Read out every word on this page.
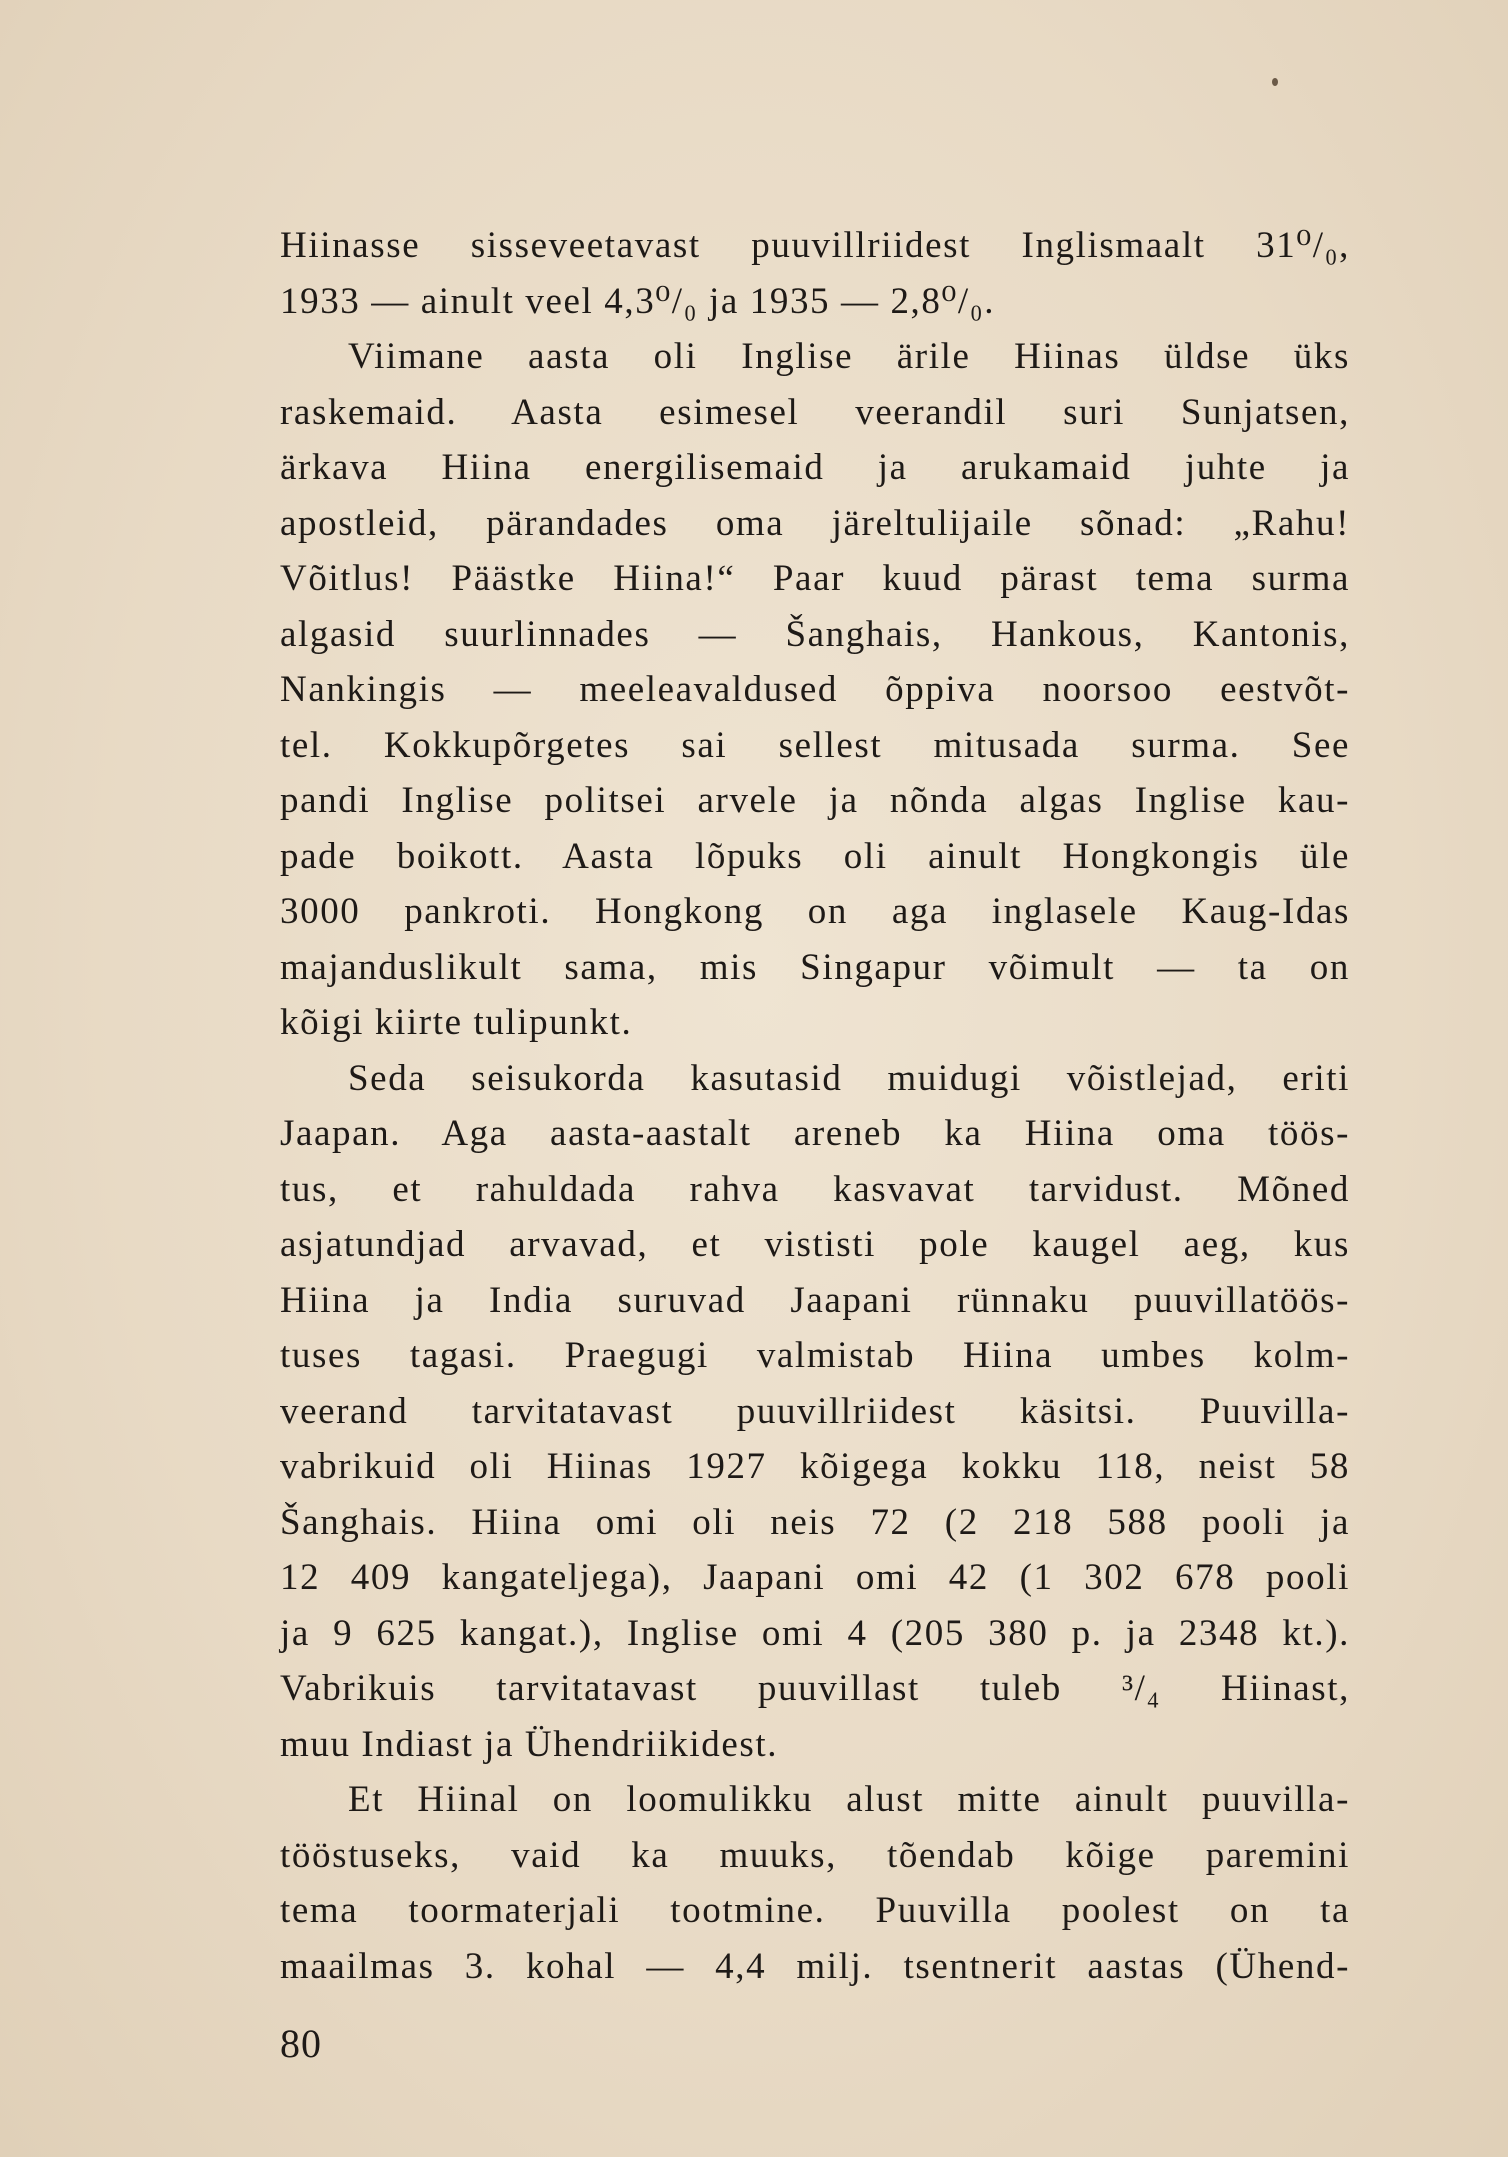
Hiinasse sisseveetavast puuvillriidest Inglismaalt 31⁰/₀,
1933 — ainult veel 4,3⁰/₀ ja 1935 — 2,8⁰/₀.
Viimane aasta oli Inglise ärile Hiinas üldse üks
raskemaid. Aasta esimesel veerandil suri Sunjatsen,
ärkava Hiina energilisemaid ja arukamaid juhte ja
apostleid, pärandades oma järeltulijaile sõnad: „Rahu!
Võitlus! Päästke Hiina!“ Paar kuud pärast tema surma
algasid suurlinnades — Šanghais, Hankous, Kantonis,
Nankingis — meeleavaldused õppiva noorsoo eestvõt-
tel. Kokkupõrgetes sai sellest mitusada surma. See
pandi Inglise politsei arvele ja nõnda algas Inglise kau-
pade boikott. Aasta lõpuks oli ainult Hongkongis üle
3000 pankroti. Hongkong on aga inglasele Kaug-Idas
majanduslikult sama, mis Singapur võimult — ta on
kõigi kiirte tulipunkt.
Seda seisukorda kasutasid muidugi võistlejad, eriti
Jaapan. Aga aasta-aastalt areneb ka Hiina oma töös-
tus, et rahuldada rahva kasvavat tarvidust. Mõned
asjatundjad arvavad, et vististi pole kaugel aeg, kus
Hiina ja India suruvad Jaapani rünnaku puuvillatöös-
tuses tagasi. Praegugi valmistab Hiina umbes kolm-
veerand tarvitatavast puuvillriidest käsitsi. Puuvilla-
vabrikuid oli Hiinas 1927 kõigega kokku 118, neist 58
Šanghais. Hiina omi oli neis 72 (2 218 588 pooli ja
12 409 kangateljega), Jaapani omi 42 (1 302 678 pooli
ja 9 625 kangat.), Inglise omi 4 (205 380 p. ja 2348 kt.).
Vabrikuis tarvitatavast puuvillast tuleb ³/₄ Hiinast,
muu Indiast ja Ühendriikidest.
Et Hiinal on loomulikku alust mitte ainult puuvilla-
tööstuseks, vaid ka muuks, tõendab kõige paremini
tema toormaterjali tootmine. Puuvilla poolest on ta
maailmas 3. kohal — 4,4 milj. tsentnerit aastas (Ühend-
80
